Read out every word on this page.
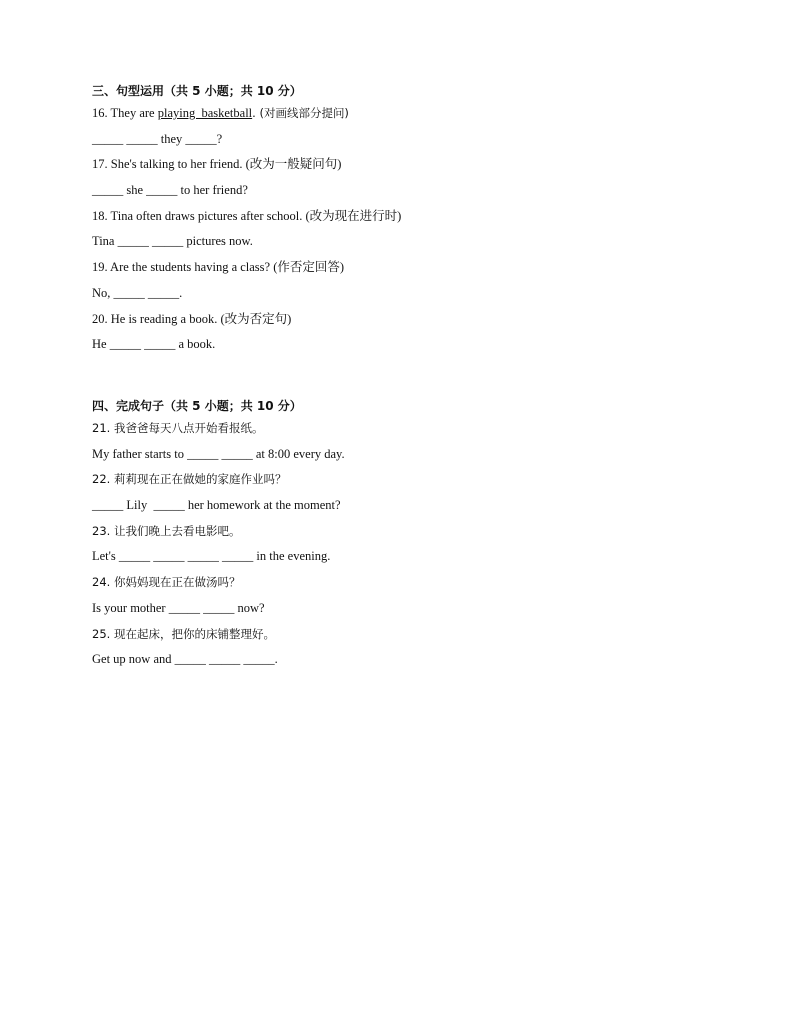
三、句型运用（共 5 小题；共 10 分）

16. They are playing  basketball. (对画线部分提问)

_____ _____ they _____?

17. She's talking to her friend. (改为一般疑问句)

_____ she _____ to her friend?

18. Tina often draws pictures after school. (改为现在进行时)

Tina _____ _____ pictures now.

19. Are the students having a class? (作否定回答)

No, _____ _____.

20. He is reading a book. (改为否定句)

He _____ _____ a book.

四、完成句子（共 5 小题；共 10 分）

21. 我爸爸每天八点开始看报纸。

My father starts to _____ _____ at 8:00 every day.

22. 莉莉现在正在做她的家庭作业吗？

_____ Lily  _____ her homework at the moment?

23. 让我们晚上去看电影吧。

Let's _____ _____ _____ _____ in the evening.

24. 你妈妈现在正在做汤吗？

Is your mother _____ _____ now?

25. 现在起床，把你的床铺整理好。

Get up now and _____ _____ _____.
